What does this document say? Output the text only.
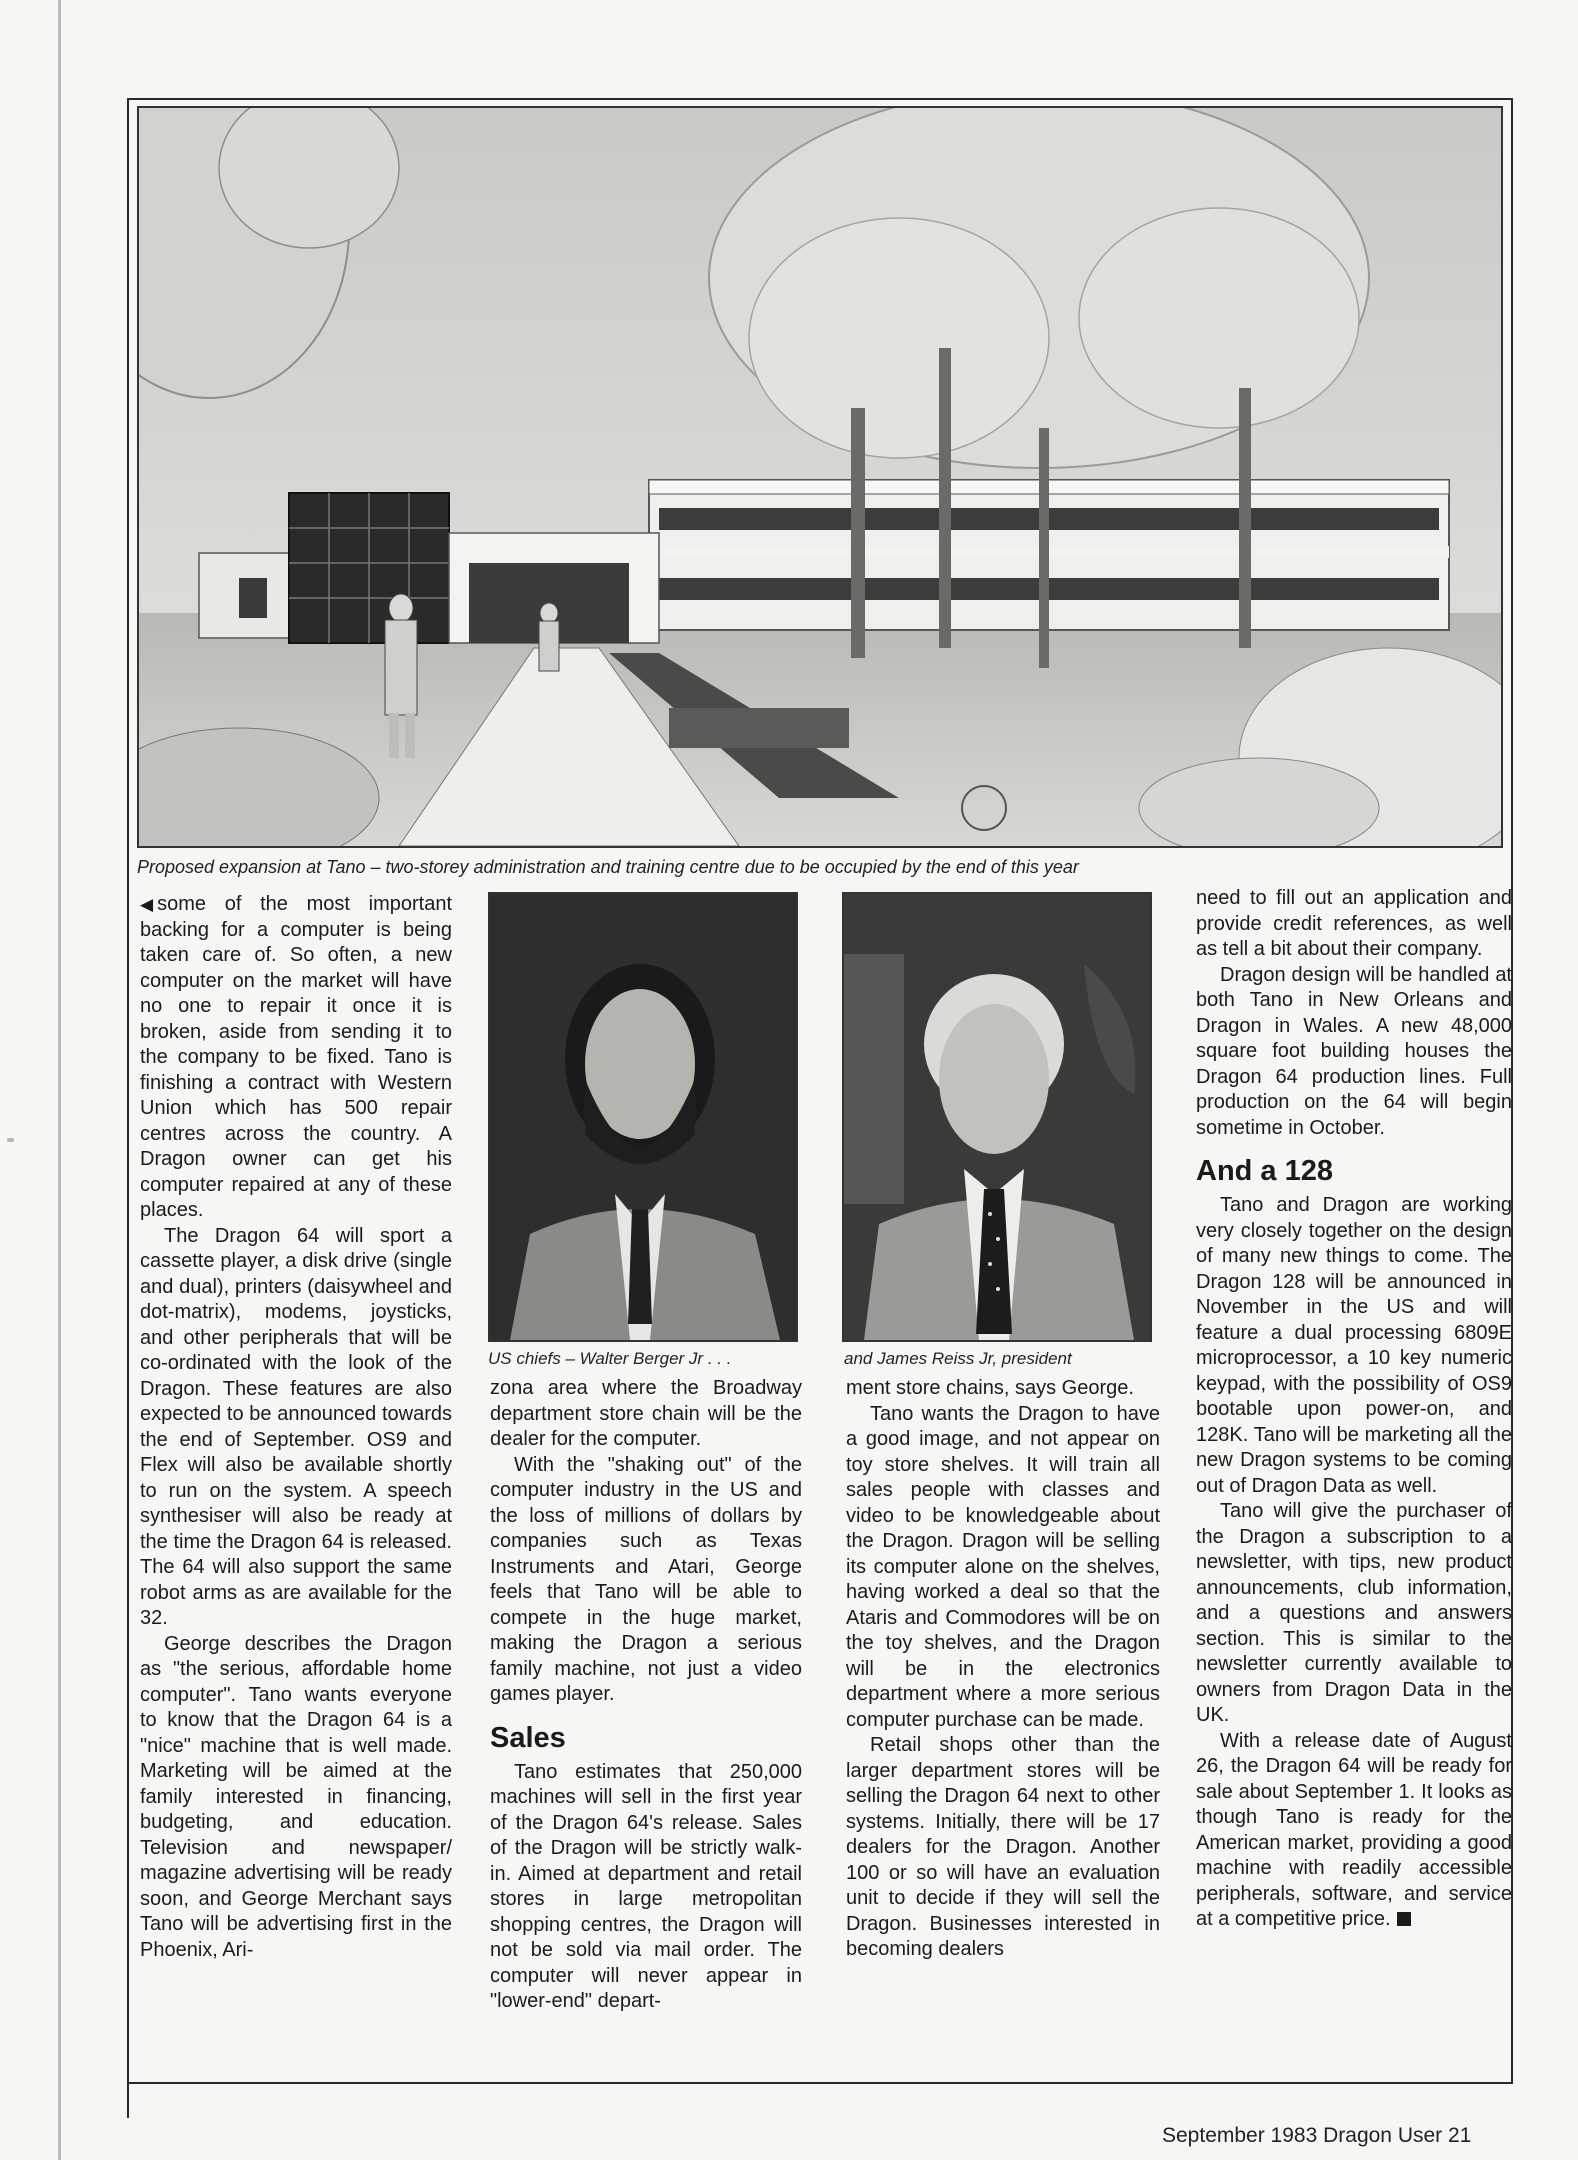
Proposed expansion at Tano – two-storey administration and training centre due to be occupied by the end of this year
US chiefs – Walter Berger Jr . . .	and James Reiss Jr, president

◀ some of the most important backing for a computer is being taken care of. So often, a new computer on the market will have no one to repair it once it is broken, aside from sending it to the company to be fixed. Tano is finishing a contract with Western Union which has 500 repair centres across the country. A Dragon owner can get his computer repaired at any of these places.

The Dragon 64 will sport a cassette player, a disk drive (single and dual), printers (daisywheel and dot-matrix), modems, joysticks, and other peripherals that will be co-ordinated with the look of the Dragon. These features are also expected to be announced towards the end of September. OS9 and Flex will also be available shortly to run on the system. A speech synthesiser will also be ready at the time the Dragon 64 is released. The 64 will also support the same robot arms as are available for the 32.

George describes the Dragon as "the serious, affordable home computer". Tano wants everyone to know that the Dragon 64 is a "nice" machine that is well made. Marketing will be aimed at the family interested in financing, budgeting, and education. Television and newspaper/ magazine advertising will be ready soon, and George Merchant says Tano will be advertising first in the Phoenix, Ari-

zona area where the Broadway department store chain will be the dealer for the computer.

With the "shaking out" of the computer industry in the US and the loss of millions of dollars by companies such as Texas Instruments and Atari, George feels that Tano will be able to compete in the huge market, making the Dragon a serious family machine, not just a video games player.

Sales

Tano estimates that 250,000 machines will sell in the first year of the Dragon 64's release. Sales of the Dragon will be strictly walk-in. Aimed at department and retail stores in large metropolitan shopping centres, the Dragon will not be sold via mail order. The computer will never appear in "lower-end" depart-

ment store chains, says George.

Tano wants the Dragon to have a good image, and not appear on toy store shelves. It will train all sales people with classes and video to be knowledgeable about the Dragon. Dragon will be selling its computer alone on the shelves, having worked a deal so that the Ataris and Commodores will be on the toy shelves, and the Dragon will be in the electronics department where a more serious computer purchase can be made.

Retail shops other than the larger department stores will be selling the Dragon 64 next to other systems. Initially, there will be 17 dealers for the Dragon. Another 100 or so will have an evaluation unit to decide if they will sell the Dragon. Businesses interested in becoming dealers

need to fill out an application and provide credit references, as well as tell a bit about their company.

Dragon design will be handled at both Tano in New Orleans and Dragon in Wales. A new 48,000 square foot building houses the Dragon 64 production lines. Full production on the 64 will begin sometime in October.

And a 128

Tano and Dragon are working very closely together on the design of many new things to come. The Dragon 128 will be announced in November in the US and will feature a dual processing 6809E microprocessor, a 10 key numeric keypad, with the possibility of OS9 bootable upon power-on, and 128K. Tano will be marketing all the new Dragon systems to be coming out of Dragon Data as well.

Tano will give the purchaser of the Dragon a subscription to a newsletter, with tips, new product announcements, club information, and a questions and answers section. This is similar to the newsletter currently available to owners from Dragon Data in the UK.

With a release date of August 26, the Dragon 64 will be ready for sale about September 1. It looks as though Tano is ready for the American market, providing a good machine with readily accessible peripherals, software, and service at a competitive price.

September 1983 Dragon User 21
